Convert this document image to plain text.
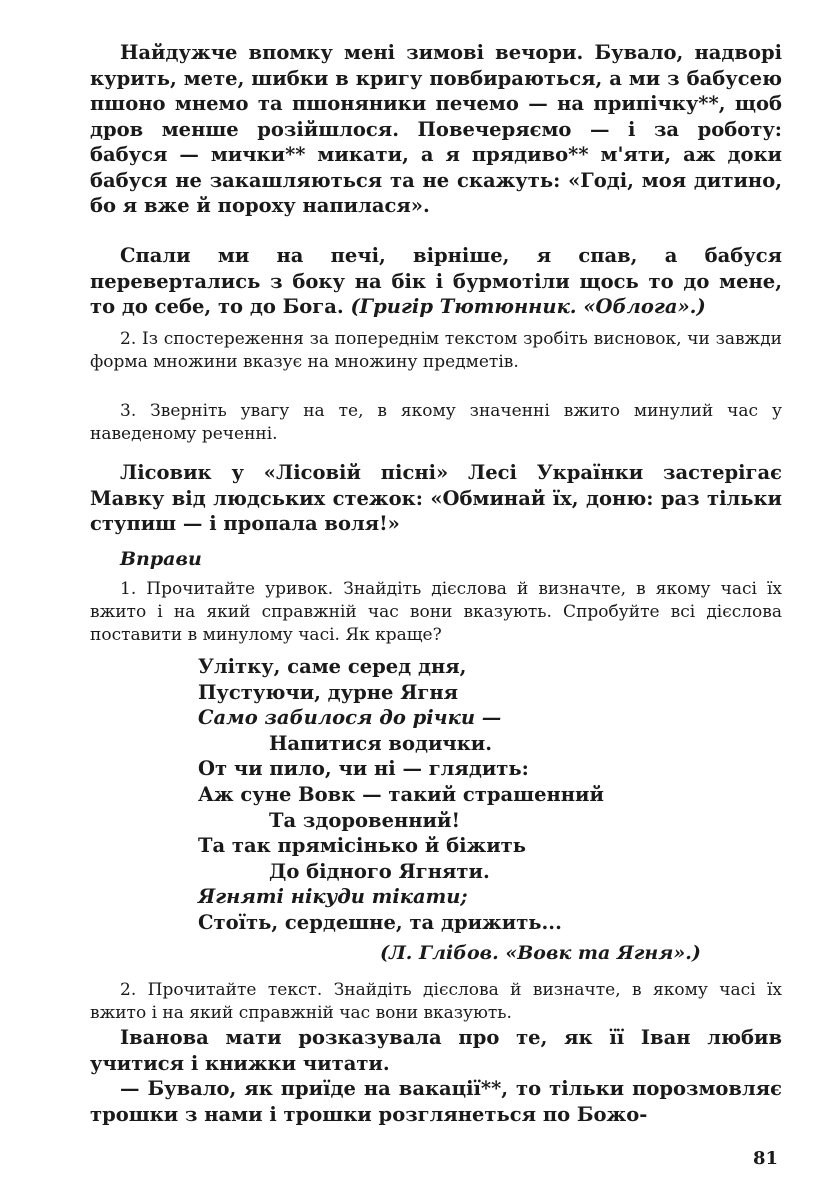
Найдужче впомку мені зимові вечори. Бувало, надворі курить, мете, шибки в кригу повбираються, а ми з бабусею пшоно мнемо та пшоняники печемо — на припічку**, щоб дров менше розійшлося. Повечеряємо — і за роботу: бабуся — мички** микати, а я прядиво** м'яти, аж доки бабуся не закашляються та не скажуть: «Годі, моя дитино, бо я вже й пороху напилася».

Спали ми на печі, вірніше, я спав, а бабуся перевертались з боку на бік і бурмотіли щось то до мене, то до себе, то до Бога. (Григір Тютюнник. «Облога».)

2. Із спостереження за попереднім текстом зробіть висновок, чи завжди форма множини вказує на множину предметів.

3. Зверніть увагу на те, в якому значенні вжито минулий час у наведеному реченні.

Лісовик у «Лісовій пісні» Лесі Українки застерігає Мавку від людських стежок: «Обминай їх, доню: раз тільки ступиш — і пропала воля!»

Вправи

1. Прочитайте уривок. Знайдіть дієслова й визначте, в якому часі їх вжито і на який справжній час вони вказують. Спробуйте всі дієслова поставити в минулому часі. Як краще?

Улітку, саме серед дня,
Пустуючи, дурне Ягня
Само забилося до річки —
Напитися водички.
От чи пило, чи ні — глядить:
Аж суне Вовк — такий страшенний
Та здоровенний!
Та так прямісінько й біжить
До бідного Ягняти.
Ягняті нікуди тікати;
Стоїть, сердешне, та дрижить...
(Л. Глібов. «Вовк та Ягня».)

2. Прочитайте текст. Знайдіть дієслова й визначте, в якому часі їх вжито і на який справжній час вони вказують.

Іванова мати розказувала про те, як її Іван любив учитися і книжки читати.

— Бувало, як приїде на вакації**, то тільки порозмовляє трошки з нами і трошки розглянеться по Божо-

81
